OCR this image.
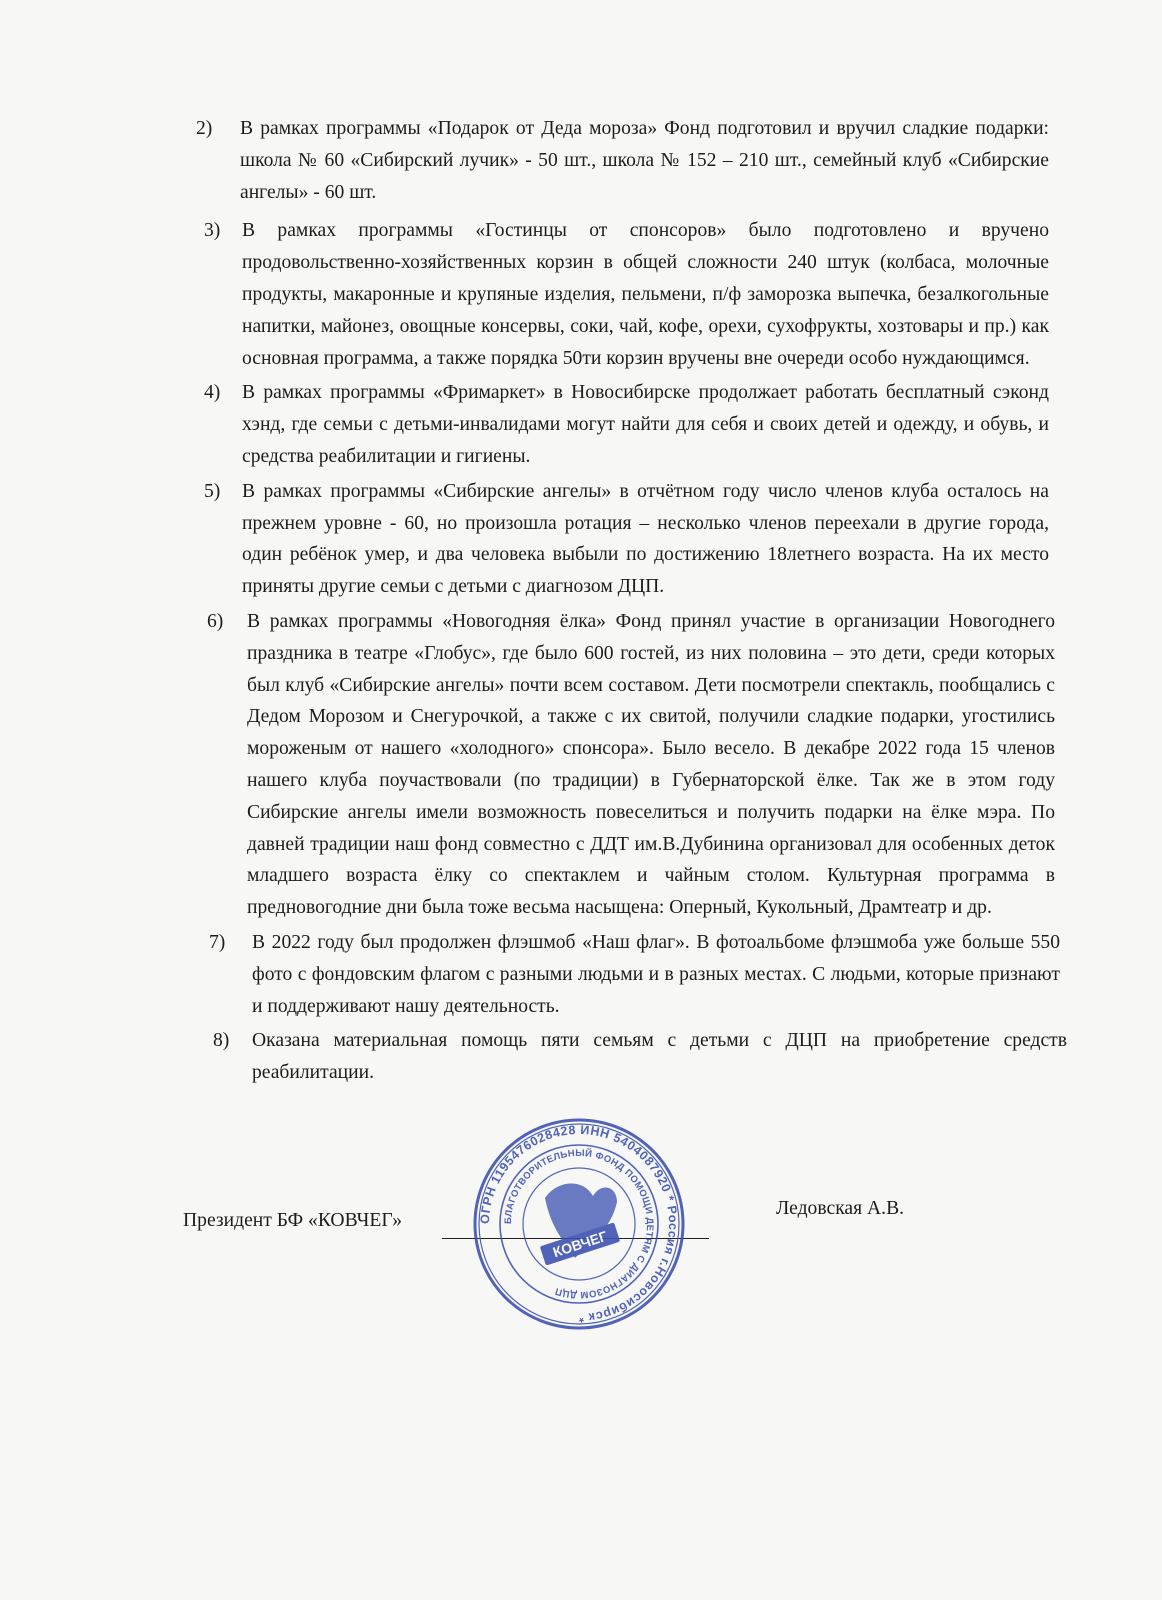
2) В рамках программы «Подарок от Деда мороза» Фонд подготовил и вручил сладкие подарки: школа № 60 «Сибирский лучик» - 50 шт., школа № 152 – 210 шт., семейный клуб «Сибирские ангелы» - 60 шт.
3) В рамках программы «Гостинцы от спонсоров» было подготовлено и вручено продовольственно-хозяйственных корзин в общей сложности 240 штук (колбаса, молочные продукты, макаронные и крупяные изделия, пельмени, п/ф заморозка выпечка, безалкогольные напитки, майонез, овощные консервы, соки, чай, кофе, орехи, сухофрукты, хозтовары и пр.) как основная программа, а также порядка 50ти корзин вручены вне очереди особо нуждающимся.
4) В рамках программы «Фримаркет» в Новосибирске продолжает работать бесплатный сэконд хэнд, где семьи с детьми-инвалидами могут найти для себя и своих детей и одежду, и обувь, и средства реабилитации и гигиены.
5) В рамках программы «Сибирские ангелы» в отчётном году число членов клуба осталось на прежнем уровне - 60, но произошла ротация – несколько членов переехали в другие города, один ребёнок умер, и два человека выбыли по достижению 18летнего возраста. На их место приняты другие семьи с детьми с диагнозом ДЦП.
6) В рамках программы «Новогодняя ёлка» Фонд принял участие в организации Новогоднего праздника в театре «Глобус», где было 600 гостей, из них половина – это дети, среди которых был клуб «Сибирские ангелы» почти всем составом. Дети посмотрели спектакль, пообщались с Дедом Морозом и Снегурочкой, а также с их свитой, получили сладкие подарки, угостились мороженым от нашего «холодного» спонсора». Было весело. В декабре 2022 года 15 членов нашего клуба поучаствовали (по традиции) в Губернаторской ёлке. Так же в этом году Сибирские ангелы имели возможность повеселиться и получить подарки на ёлке мэра. По давней традиции наш фонд совместно с ДДТ им.В.Дубинина организовал для особенных деток младшего возраста ёлку со спектаклем и чайным столом. Культурная программа в предновогодние дни была тоже весьма насыщена: Оперный, Кукольный, Драмтеатр и др.
7) В 2022 году был продолжен флэшмоб «Наш флаг». В фотоальбоме флэшмоба уже больше 550 фото с фондовским флагом с разными людьми и в разных местах. С людьми, которые признают и поддерживают нашу деятельность.
8) Оказана материальная помощь пяти семьям с детьми с ДЦП на приобретение средств реабилитации.
Президент БФ «КОВЧЕГ»
Ледовская А.В.
ОГРН 1195476028428 ИНН 5404087920 * Россия г.Новосибирск *
БЛАГОТВОРИТЕЛЬНЫЙ ФОНД ПОМОЩИ ДЕТЯМ С ДИАГНОЗОМ ДЦП
КОВЧЕГ
